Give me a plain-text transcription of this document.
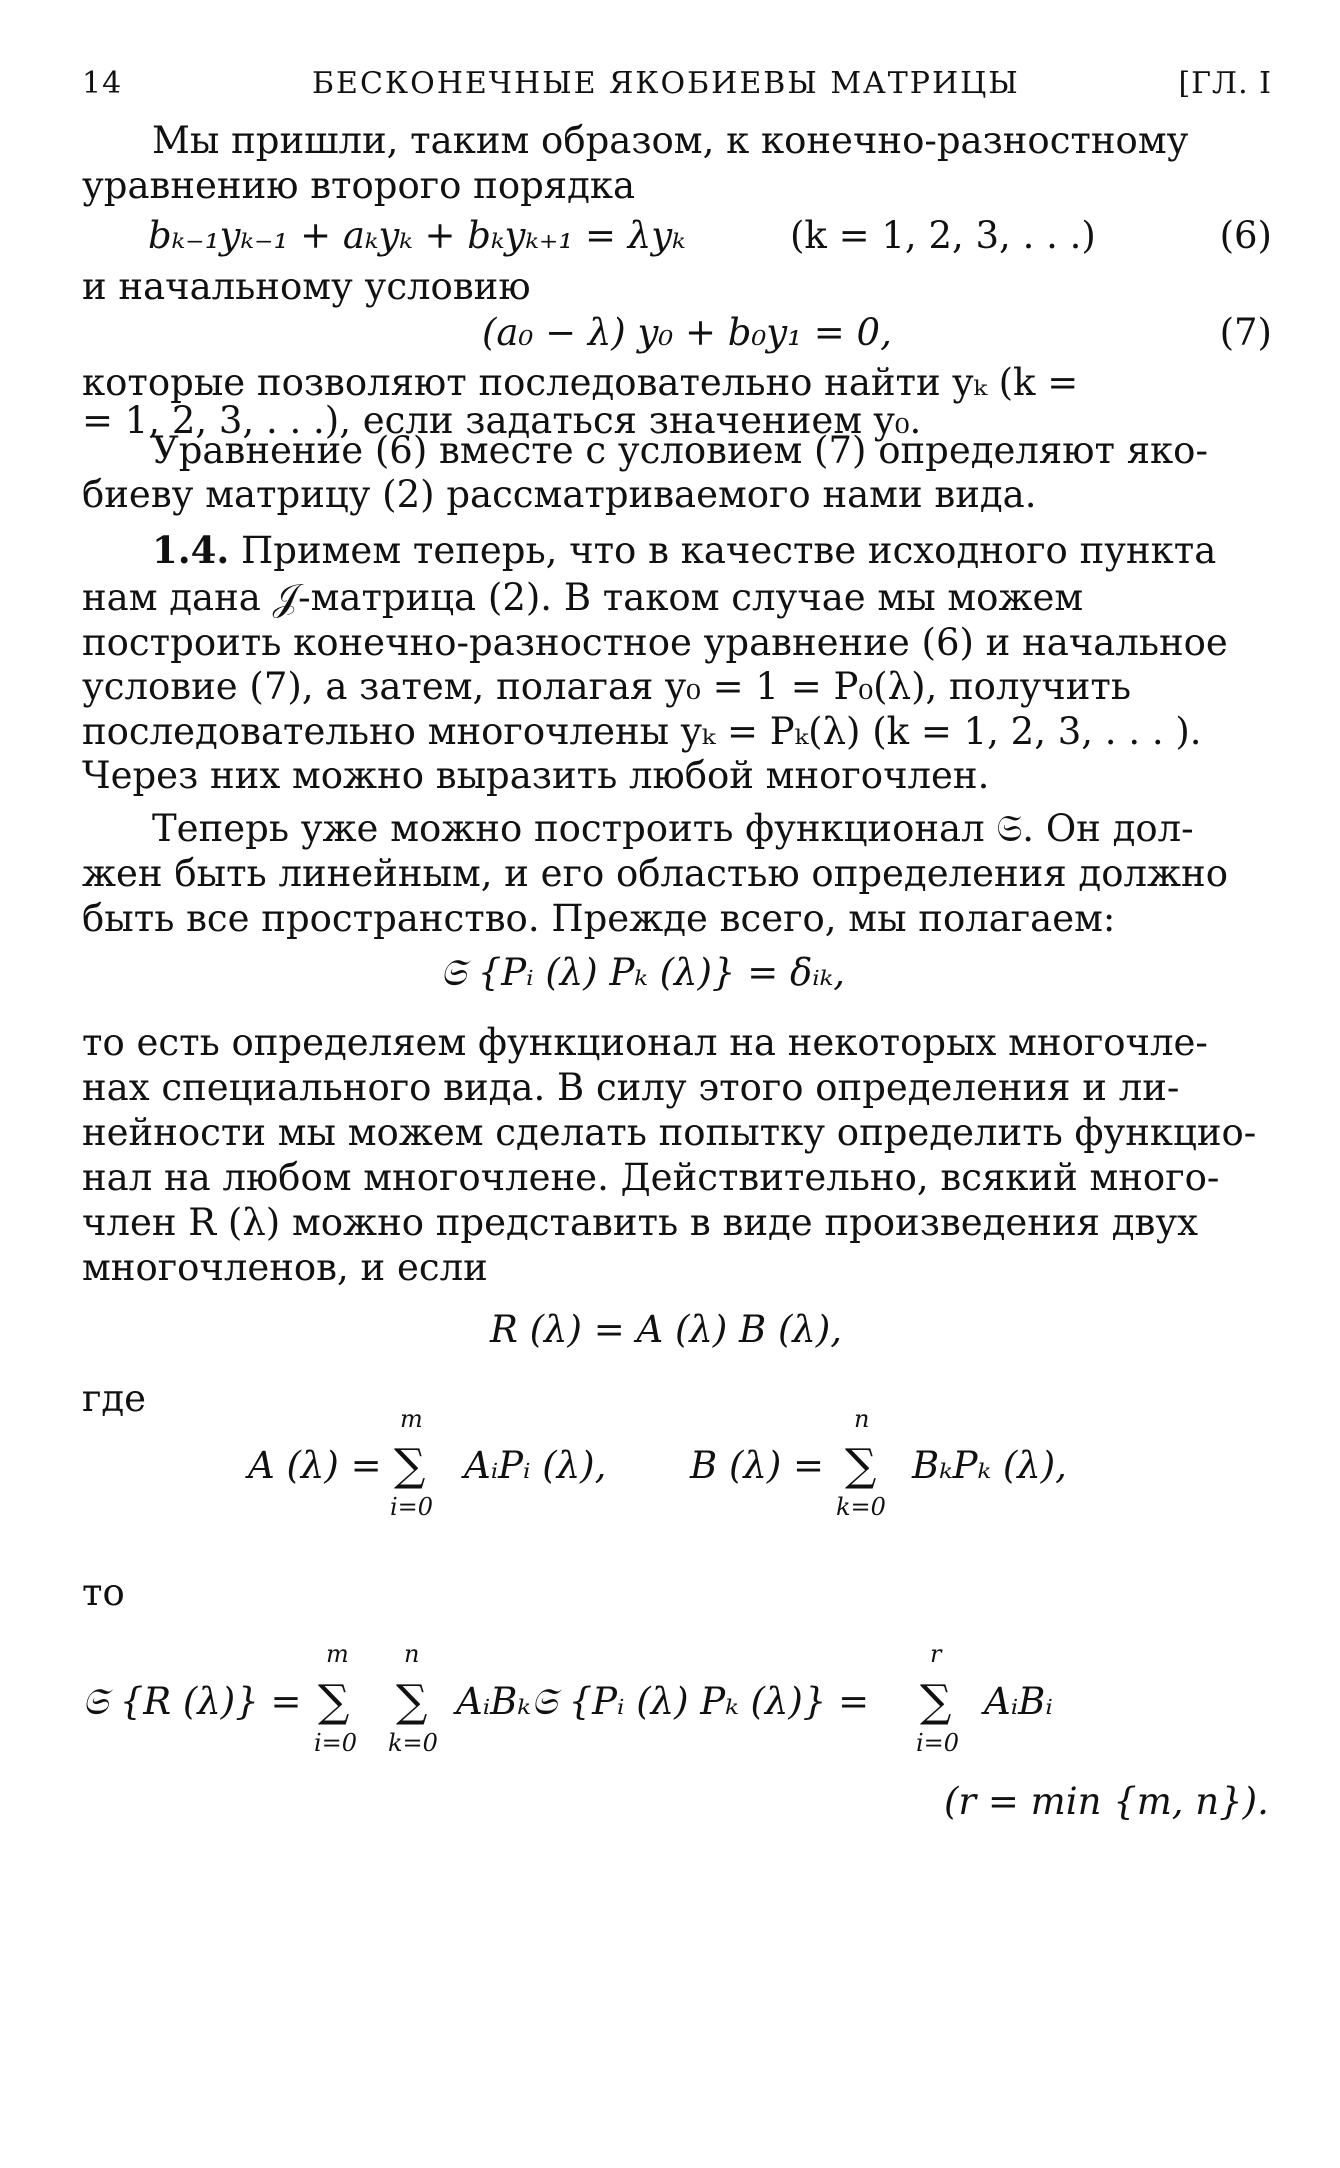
14	БЕСКОНЕЧНЫЕ ЯКОБИЕВЫ МАТРИЦЫ	[ГЛ. I
Мы пришли, таким образом, к конечно-разностному
уравнению второго порядка
bₖ₋₁yₖ₋₁ + aₖyₖ + bₖyₖ₊₁ = λyₖ	(k = 1, 2, 3, . . .)	(6)
и начальному условию
(a₀ − λ) y₀ + b₀y₁ = 0,	(7)
которые позволяют последовательно найти yₖ (k =
= 1, 2, 3, . . .), если задаться значением y₀.
Уравнение (6) вместе с условием (7) определяют яко-
биеву матрицу (2) рассматриваемого нами вида.
1.4. Примем теперь, что в качестве исходного пункта
нам дана 𝒥-матрица (2). В таком случае мы можем
построить конечно-разностное уравнение (6) и начальное
условие (7), а затем, полагая y₀ = 1 = P₀(λ), получить
последовательно многочлены yₖ = Pₖ(λ) (k = 1, 2, 3, . . . ).
Через них можно выразить любой многочлен.
Теперь уже можно построить функционал 𝔖. Он дол-
жен быть линейным, и его областью определения должно
быть все пространство. Прежде всего, мы полагаем:
𝔖 {Pᵢ (λ) Pₖ (λ)} = δᵢₖ,
то есть определяем функционал на некоторых многочле-
нах специального вида. В силу этого определения и ли-
нейности мы можем сделать попытку определить функцио-
нал на любом многочлене. Действительно, всякий много-
член R (λ) можно представить в виде произведения двух
многочленов, и если
R (λ) = A (λ) B (λ),
где
A (λ) =
m
∑
i=0
AᵢPᵢ (λ), B (λ) =
n
∑
k=0
BₖPₖ (λ),
то
𝔖 {R (λ)} =
m
∑
i=0
n
∑
k=0
AᵢBₖ𝔖 {Pᵢ (λ) Pₖ (λ)} =
r
∑
i=0
AᵢBᵢ
(r = min {m, n}).
